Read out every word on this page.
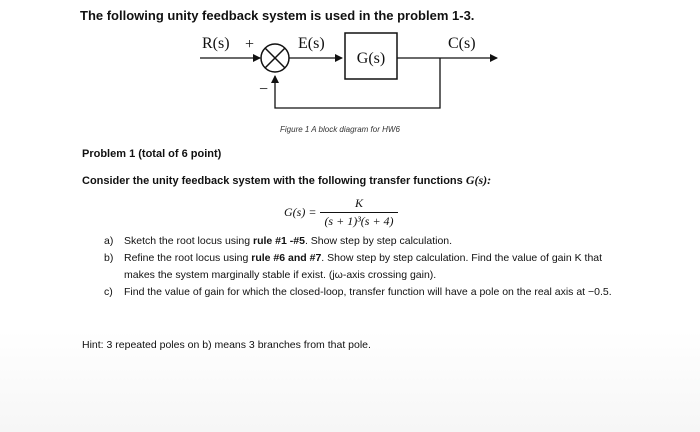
The following unity feedback system is used in the problem 1-3.
G(s)
R(s) +	E(s)	C(s)
−
Figure 1 A block diagram for HW6
Problem 1 (total of 6 point)
Consider the unity feedback system with the following transfer functions G(s):
$G(s) = \frac{K}{\text{(s + 1)³(s + 4)}}$
a) Sketch the root locus using rule #1 -#5. Show step by step calculation.
b) Refine the root locus using rule #6 and #7. Show step by step calculation. Find the value of gain K that makes the system marginally stable if exist. (jω-axis crossing gain).
c) Find the value of gain for which the closed-loop, transfer function will have a pole on the real axis at −0.5.
Hint: 3 repeated poles on b) means 3 branches from that pole.
